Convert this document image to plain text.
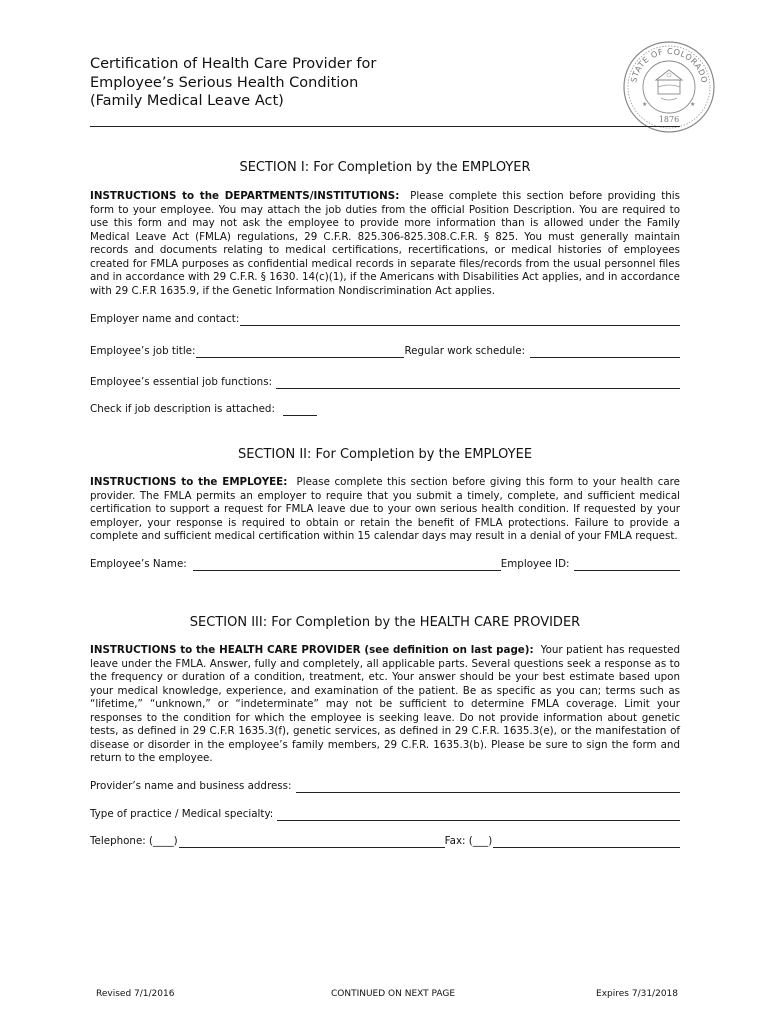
Certification of Health Care Provider for
Employee’s Serious Health Condition
(Family Medical Leave Act)
STATE OF COLORADO
1876
★	★
SECTION I: For Completion by the EMPLOYER
INSTRUCTIONS to the DEPARTMENTS/INSTITUTIONS: Please complete this section before providing this form to your employee. You may attach the job duties from the official Position Description. You are required to use this form and may not ask the employee to provide more information than is allowed under the Family Medical Leave Act (FMLA) regulations, 29 C.F.R. 825.306-825.308.C.F.R. § 825. You must generally maintain records and documents relating to medical certifications, recertifications, or medical histories of employees created for FMLA purposes as confidential medical records in separate files/records from the usual personnel files and in accordance with 29 C.F.R. § 1630. 14(c)(1), if the Americans with Disabilities Act applies, and in accordance with 29 C.F.R 1635.9, if the Genetic Information Nondiscrimination Act applies.
Employer name and contact:
Employee’s job title:	Regular work schedule:
Employee’s essential job functions:
Check if job description is attached:
SECTION II: For Completion by the EMPLOYEE
INSTRUCTIONS to the EMPLOYEE: Please complete this section before giving this form to your health care provider. The FMLA permits an employer to require that you submit a timely, complete, and sufficient medical certification to support a request for FMLA leave due to your own serious health condition. If requested by your employer, your response is required to obtain or retain the benefit of FMLA protections. Failure to provide a complete and sufficient medical certification within 15 calendar days may result in a denial of your FMLA request.
Employee’s Name:	Employee ID:
SECTION III: For Completion by the HEALTH CARE PROVIDER
INSTRUCTIONS to the HEALTH CARE PROVIDER (see definition on last page): Your patient has requested leave under the FMLA. Answer, fully and completely, all applicable parts. Several questions seek a response as to the frequency or duration of a condition, treatment, etc. Your answer should be your best estimate based upon your medical knowledge, experience, and examination of the patient. Be as specific as you can; terms such as “lifetime,” “unknown,” or “indeterminate” may not be sufficient to determine FMLA coverage. Limit your responses to the condition for which the employee is seeking leave. Do not provide information about genetic tests, as defined in 29 C.F.R 1635.3(f), genetic services, as defined in 29 C.F.R. 1635.3(e), or the manifestation of disease or disorder in the employee’s family members, 29 C.F.R. 1635.3(b). Please be sure to sign the form and return to the employee.
Provider’s name and business address:
Type of practice / Medical specialty:
Telephone: (____)	Fax: (___)
Revised 7/1/2016	CONTINUED ON NEXT PAGE	Expires 7/31/2018
